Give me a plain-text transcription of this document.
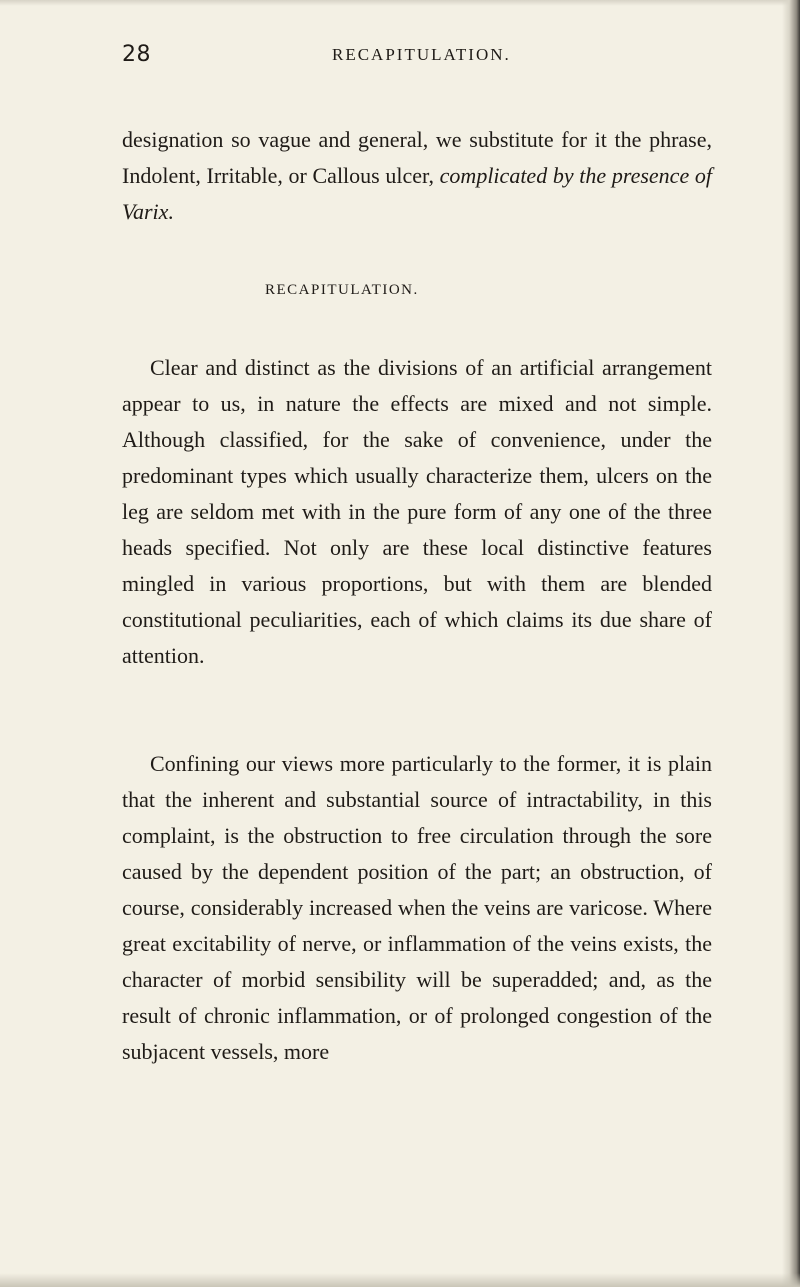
28	RECAPITULATION.

designation so vague and general, we substitute for it the phrase, Indolent, Irritable, or Callous ulcer, complicated by the presence of Varix.

RECAPITULATION.

Clear and distinct as the divisions of an artificial arrangement appear to us, in nature the effects are mixed and not simple. Although classified, for the sake of convenience, under the predominant types which usually characterize them, ulcers on the leg are seldom met with in the pure form of any one of the three heads specified. Not only are these local distinctive features mingled in various proportions, but with them are blended constitutional peculiarities, each of which claims its due share of attention.

Confining our views more particularly to the former, it is plain that the inherent and substantial source of intractability, in this complaint, is the obstruction to free circulation through the sore caused by the dependent position of the part; an obstruction, of course, considerably increased when the veins are varicose. Where great excitability of nerve, or inflammation of the veins exists, the character of morbid sensibility will be superadded; and, as the result of chronic inflammation, or of prolonged congestion of the subjacent vessels, more
